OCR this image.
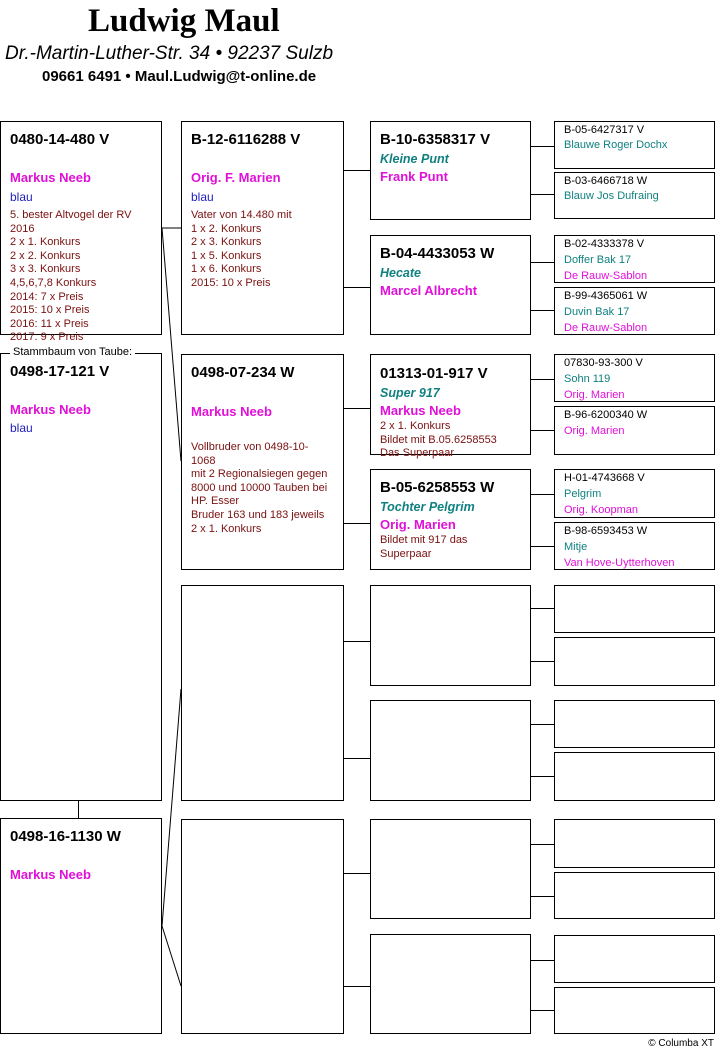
Ludwig Maul
Dr.-Martin-Luther-Str. 34 • 92237 Sulzb
09661 6491 • Maul.Ludwig@t-online.de
0480-14-480 V
Markus Neeb
blau
5. bester Altvogel der RV 2016
2 x 1. Konkurs
2 x 2. Konkurs
3 x 3. Konkurs
4,5,6,7,8 Konkurs
2014: 7 x Preis
2015: 10 x Preis
2016: 11 x Preis
2017: 9 x Preis
Stammbaum von Taube:
0498-17-121 V
Markus Neeb
blau
0498-16-1130 W
Markus Neeb
B-12-6116288 V
Orig. F. Marien
blau
Vater von 14.480 mit
1 x 2. Konkurs
2 x 3. Konkurs
1 x 5. Konkurs
1 x 6. Konkurs
2015: 10 x Preis
0498-07-234 W
Markus Neeb
Vollbruder von 0498-10-
1068
mit 2 Regionalsiegen gegen
8000 und 10000 Tauben bei
HP. Esser
Bruder 163 und 183 jeweils
2 x 1. Konkurs
B-10-6358317 V
Kleine Punt
Frank Punt
B-04-4433053 W
Hecate
Marcel Albrecht
01313-01-917 V
Super 917
Markus Neeb
2 x 1. Konkurs
Bildet mit B.05.6258553
Das Superpaar
B-05-6258553 W
Tochter Pelgrim
Orig. Marien
Bildet mit 917 das
Superpaar
B-05-6427317 V
Blauwe Roger Dochx
B-03-6466718 W
Blauw Jos Dufraing
B-02-4333378 V
Doffer Bak 17
De Rauw-Sablon
B-99-4365061 W
Duvin Bak 17
De Rauw-Sablon
07830-93-300 V
Sohn 119
Orig. Marien
B-96-6200340 W
Orig. Marien
H-01-4743668 V
Pelgrim
Orig. Koopman
B-98-6593453 W
Mitje
Van Hove-Uytterhoven
© Columba XT
